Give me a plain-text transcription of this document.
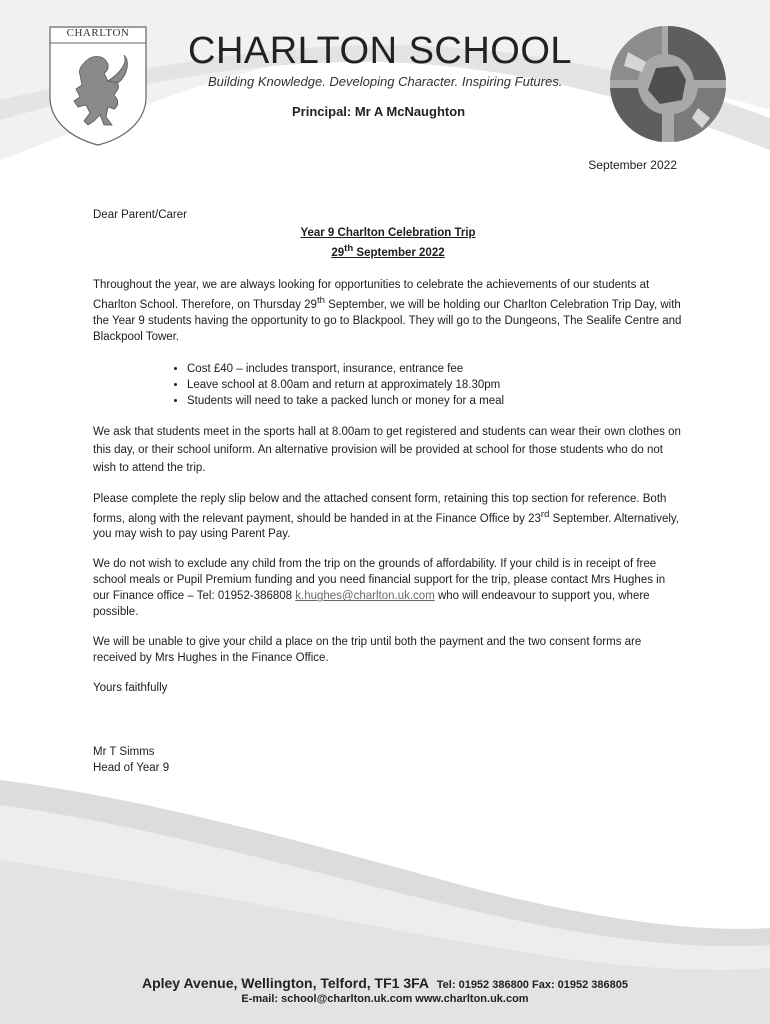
CHARLTON	CHARLTON SCHOOL
Building Knowledge. Developing Character. Inspiring Futures.
Principal: Mr A McNaughton
September 2022

Dear Parent/Carer

Year 9 Charlton Celebration Trip

29th September 2022

Throughout the year, we are always looking for opportunities to celebrate the achievements of our students at Charlton School. Therefore, on Thursday 29th September, we will be holding our Charlton Celebration Trip Day, with the Year 9 students having the opportunity to go to Blackpool. They will go to the Dungeons, The Sealife Centre and Blackpool Tower.

• Cost £40 – includes transport, insurance, entrance fee
• Leave school at 8.00am and return at approximately 18.30pm
• Students will need to take a packed lunch or money for a meal

We ask that students meet in the sports hall at 8.00am to get registered and students can wear their own clothes on this day, or their school uniform. An alternative provision will be provided at school for those students who do not wish to attend the trip.

Please complete the reply slip below and the attached consent form, retaining this top section for reference. Both forms, along with the relevant payment, should be handed in at the Finance Office by 23rd September. Alternatively, you may wish to pay using Parent Pay.

We do not wish to exclude any child from the trip on the grounds of affordability. If your child is in receipt of free school meals or Pupil Premium funding and you need financial support for the trip, please contact Mrs Hughes in our Finance office – Tel: 01952-386808 k.hughes@charlton.uk.com who will endeavour to support you, where possible.

We will be unable to give your child a place on the trip until both the payment and the two consent forms are received by Mrs Hughes in the Finance Office.

Yours faithfully

Mr T Simms

Head of Year 9

Apley Avenue, Wellington, Telford, TF1 3FA Tel: 01952 386800 Fax: 01952 386805
E-mail: school@charlton.uk.com www.charlton.uk.com
